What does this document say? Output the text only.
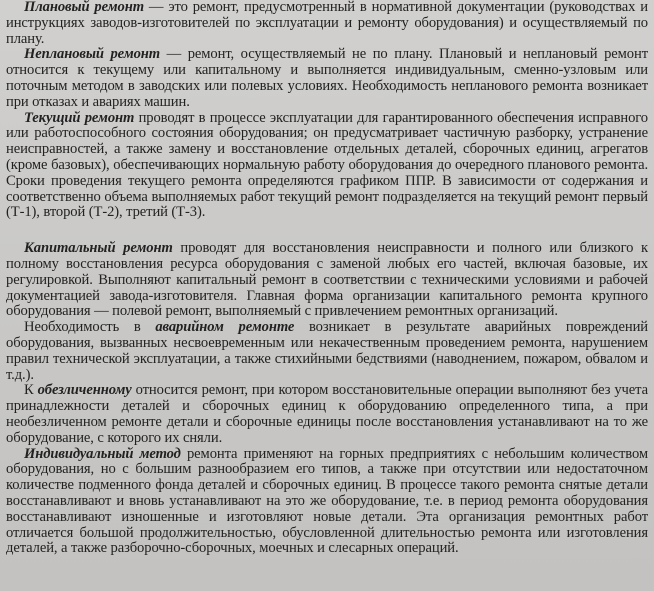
Плановый ремонт — это ремонт, предусмотренный в нормативной документации (руководствах и инструкциях заводов-изготовителей по эксплуатации и ремонту оборудования) и осуществляемый по плану.

Неплановый ремонт — ремонт, осуществляемый не по плану. Плановый и неплановый ремонт относится к текущему или капитальному и выполняется индивидуальным, сменно-узловым или поточным методом в заводских или полевых условиях. Необходимость непланового ремонта возникает при отказах и авариях машин.

Текущий ремонт проводят в процессе эксплуатации для гарантированного обеспечения исправного или работоспособного состояния оборудования; он предусматривает частичную разборку, устранение неисправностей, а также замену и восстановление отдельных деталей, сборочных единиц, агрегатов (кроме базовых), обеспечивающих нормальную работу оборудования до очередного планового ремонта. Сроки проведения текущего ремонта определяются графиком ППР. В зависимости от содержания и соответственно объема выполняемых работ текущий ремонт подразделяется на текущий ремонт первый (Т-1), второй (Т-2), третий (Т-3).

Капитальный ремонт проводят для восстановления неисправности и полного или близкого к полному восстановления ресурса оборудования с заменой любых его частей, включая базовые, их регулировкой. Выполняют капитальный ремонт в соответствии с техническими условиями и рабочей документацией завода-изготовителя. Главная форма организации капитального ремонта крупного оборудования — полевой ремонт, выполняемый с привлечением ремонтных организаций.

Необходимость в аварийном ремонте возникает в результате аварийных повреждений оборудования, вызванных несвоевременным или некачественным проведением ремонта, нарушением правил технической эксплуатации, а также стихийными бедствиями (наводнением, пожаром, обвалом и т.д.).

К обезличенному относится ремонт, при котором восстановительные операции выполняют без учета принадлежности деталей и сборочных единиц к оборудованию определенного типа, а при необезличенном ремонте детали и сборочные единицы после восстановления устанавливают на то же оборудование, с которого их сняли.

Индивидуальный метод ремонта применяют на горных предприятиях с небольшим количеством оборудования, но с большим разнообразием его типов, а также при отсутствии или недостаточном количестве подменного фонда деталей и сборочных единиц. В процессе такого ремонта снятые детали восстанавливают и вновь устанавливают на это же оборудование, т.е. в период ремонта оборудования восстанавливают изношенные и изготовляют новые детали. Эта организация ремонтных работ отличается большой продолжительностью, обусловленной длительностью ремонта или изготовления деталей, а также разборочно-сборочных, моечных и слесарных операций.
